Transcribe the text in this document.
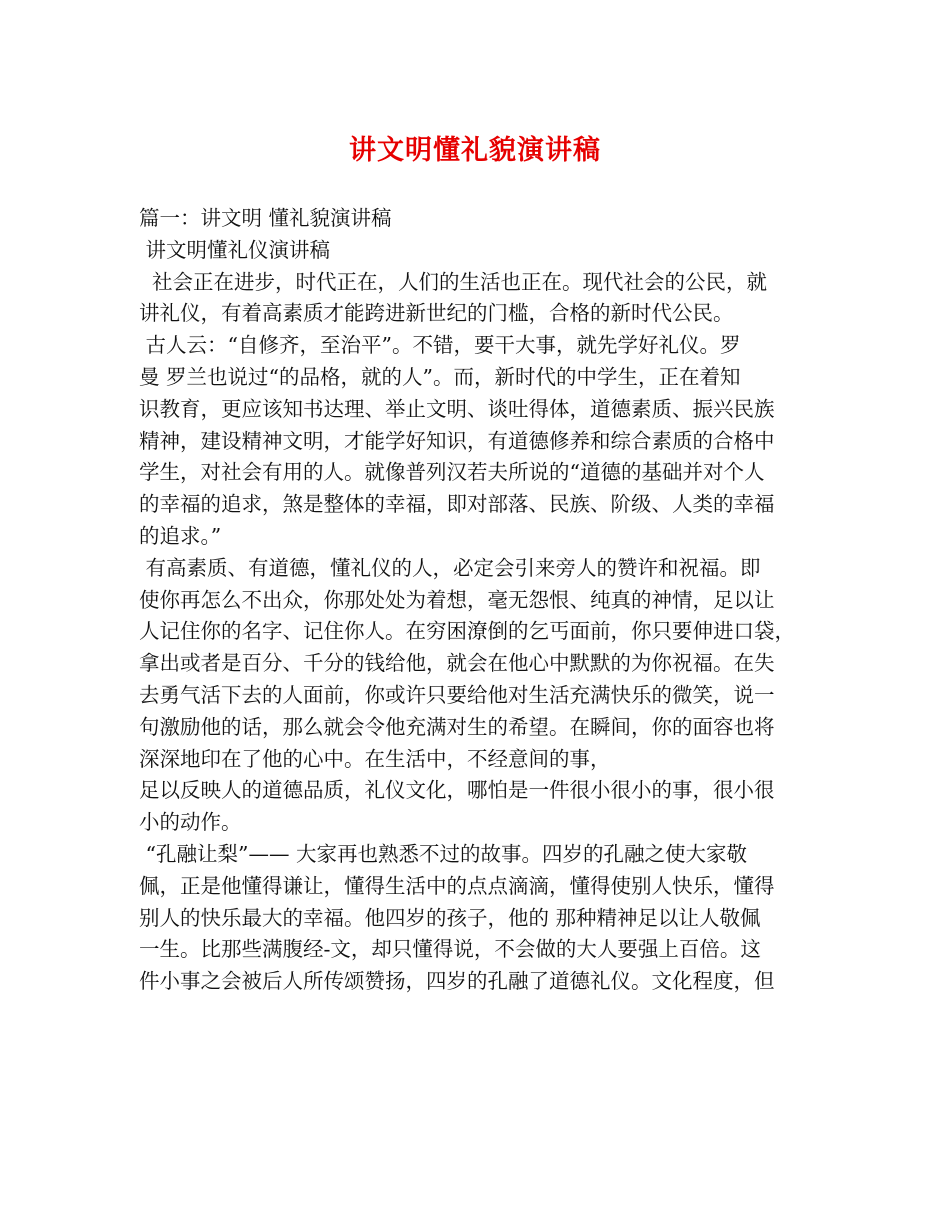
讲文明懂礼貌演讲稿
篇一：讲文明 懂礼貌演讲稿
讲文明懂礼仪演讲稿
社会正在进步，时代正在，人们的生活也正在。现代社会的公民，就
讲礼仪，有着高素质才能跨进新世纪的门槛，合格的新时代公民。
古人云：“自修齐，至治平”。不错，要干大事，就先学好礼仪。罗
曼 罗兰也说过“的品格，就的人”。而，新时代的中学生，正在着知
识教育，更应该知书达理、举止文明、谈吐得体，道德素质、振兴民族
精神，建设精神文明，才能学好知识，有道德修养和综合素质的合格中
学生，对社会有用的人。就像普列汉若夫所说的“道德的基础并对个人
的幸福的追求，煞是整体的幸福，即对部落、民族、阶级、人类的幸福
的追求。”
有高素质、有道德，懂礼仪的人，必定会引来旁人的赞许和祝福。即
使你再怎么不出众，你那处处为着想，毫无怨恨、纯真的神情，足以让
人记住你的名字、记住你人。在穷困潦倒的乞丐面前，你只要伸进口袋，
拿出或者是百分、千分的钱给他，就会在他心中默默的为你祝福。在失
去勇气活下去的人面前，你或许只要给他对生活充满快乐的微笑，说一
句激励他的话，那么就会令他充满对生的希望。在瞬间，你的面容也将
深深地印在了他的心中。在生活中，不经意间的事，
足以反映人的道德品质，礼仪文化，哪怕是一件很小很小的事，很小很
小的动作。
“孔融让梨”—— 大家再也熟悉不过的故事。四岁的孔融之使大家敬
佩，正是他懂得谦让，懂得生活中的点点滴滴，懂得使别人快乐，懂得
别人的快乐最大的幸福。他四岁的孩子，他的 那种精神足以让人敬佩
一生。比那些满腹经-文，却只懂得说，不会做的大人要强上百倍。这
件小事之会被后人所传颂赞扬，四岁的孔融了道德礼仪。文化程度，但
